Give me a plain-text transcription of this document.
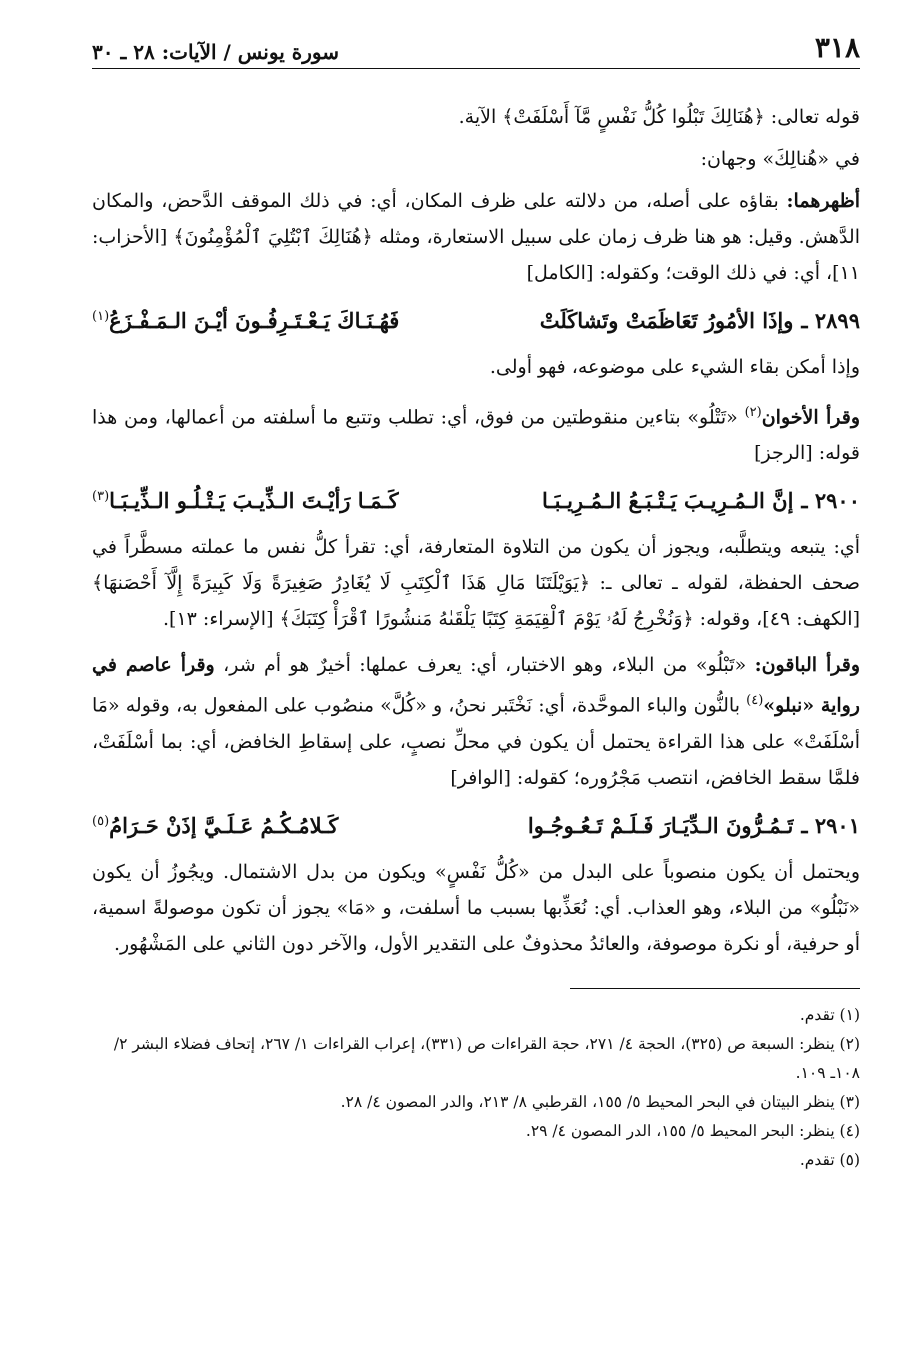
٣١٨
سورة يونس / الآيات: ٢٨ ـ ٣٠

قوله تعالى: ﴿هُنَالِكَ تَبْلُوا كُلُّ نَفْسٍ مَّآ أَسْلَفَتْ﴾ الآية.

في «هُنالِكَ» وجهان:

أظهرهما: بقاؤه على أصله، من دلالته على ظرف المكان، أي: في ذلك الموقف الدَّحض، والمكان الدَّهش. وقيل: هو هنا ظرف زمان على سبيل الاستعارة، ومثله ﴿هُنَالِكَ ٱبْتُلِيَ ٱلْمُؤْمِنُونَ﴾ [الأحزاب: ١١]، أي: في ذلك الوقت؛ وكقوله: [الكامل]

٢٨٩٩ ـ
وإذَا الأمُورُ تَعَاظَمَتْ وتَشاكَلَتْ
فَهُـنَـاكَ يَـعْـتَـرِفُـونَ أيْـنَ الـمَـفْـزَعُ$^{(١)}$

وإذا أمكن بقاء الشيء على موضوعه، فهو أولى.

وقرأ الأخوان$^{(٢)}$ «تَتْلُو» بتاءين منقوطتين من فوق، أي: تطلب وتتبع ما أسلفته من أعمالها، ومن هذا قوله: [الرجز]

٢٩٠٠ ـ
إنَّ الـمُـرِيـبَ يَـتْـبَـعُ الـمُـرِيـبَـا
كَـمَـا رَأيْـتَ الـذِّيـبَ يَـتْـلُـو الـذِّيـبَـا$^{(٣)}$

أي: يتبعه ويتطلَّبه، ويجوز أن يكون من التلاوة المتعارفة، أي: تقرأ كلُّ نفس ما عملته مسطَّراً في صحف الحفظة، لقوله ـ تعالى ـ: ﴿يَوَيْلَتَنَا مَالِ هَذَا ٱلْكِتَبِ لَا يُغَادِرُ صَغِيرَةً وَلَا كَبِيرَةً إِلَّآ أَحْصَنهَا﴾ [الكهف: ٤٩]، وقوله: ﴿وَنُخْرِجُ لَهُۥ يَوْمَ ٱلْقِيَمَةِ كِتَبًا يَلْقَىٰهُ مَنشُورًا ٱقْرَأْ كِتَبَكَ﴾ [الإسراء: ١٣].

وقرأ الباقون: «تَبْلُو» من البلاء، وهو الاختبار، أي: يعرف عملها: أخيرٌ هو أم شر، وقرأ عاصم في رواية «نبلو»$^{(٤)}$ بالنُّون والباء الموحَّدة، أي: نَخْتَبر نحنُ، و «كُلَّ» منصُوب على المفعول به، وقوله «مَا أسْلَفَتْ» على هذا القراءة يحتمل أن يكون في محلِّ نصبٍ، على إسقاطِ الخافض، أي: بما أسْلَفَتْ، فلمَّا سقط الخافض، انتصب مَجْرُوره؛ كقوله: [الوافر]

٢٩٠١ ـ
تَـمُـرُّونَ الـدِّيَـارَ فَـلَـمْ تَـعُـوجُـوا
كَـلامُـكُـمُ عَـلَـيَّ إذَنْ حَـرَامُ$^{(٥)}$

ويحتمل أن يكون منصوباً على البدل من «كُلُّ نَفْسٍ» ويكون من بدل الاشتمال. ويجُوزُ أن يكون «نَبْلُو» من البلاء، وهو العذاب. أي: نُعَذِّبها بسبب ما أسلفت، و «مَا» يجوز أن تكون موصولةً اسمية، أو حرفية، أو نكرة موصوفة، والعائدُ محذوفٌ على التقدير الأول، والآخر دون الثاني على المَشْهُور.

(١) تقدم.

(٢) ينظر: السبعة ص (٣٢٥)، الحجة ٤/ ٢٧١، حجة القراءات ص (٣٣١)، إعراب القراءات ١/ ٢٦٧، إتحاف فضلاء البشر ٢/ ١٠٨ـ ١٠٩.

(٣) ينظر البيتان في البحر المحيط ٥/ ١٥٥، القرطبي ٨/ ٢١٣، والدر المصون ٤/ ٢٨.

(٤) ينظر: البحر المحيط ٥/ ١٥٥، الدر المصون ٤/ ٢٩.

(٥) تقدم.
